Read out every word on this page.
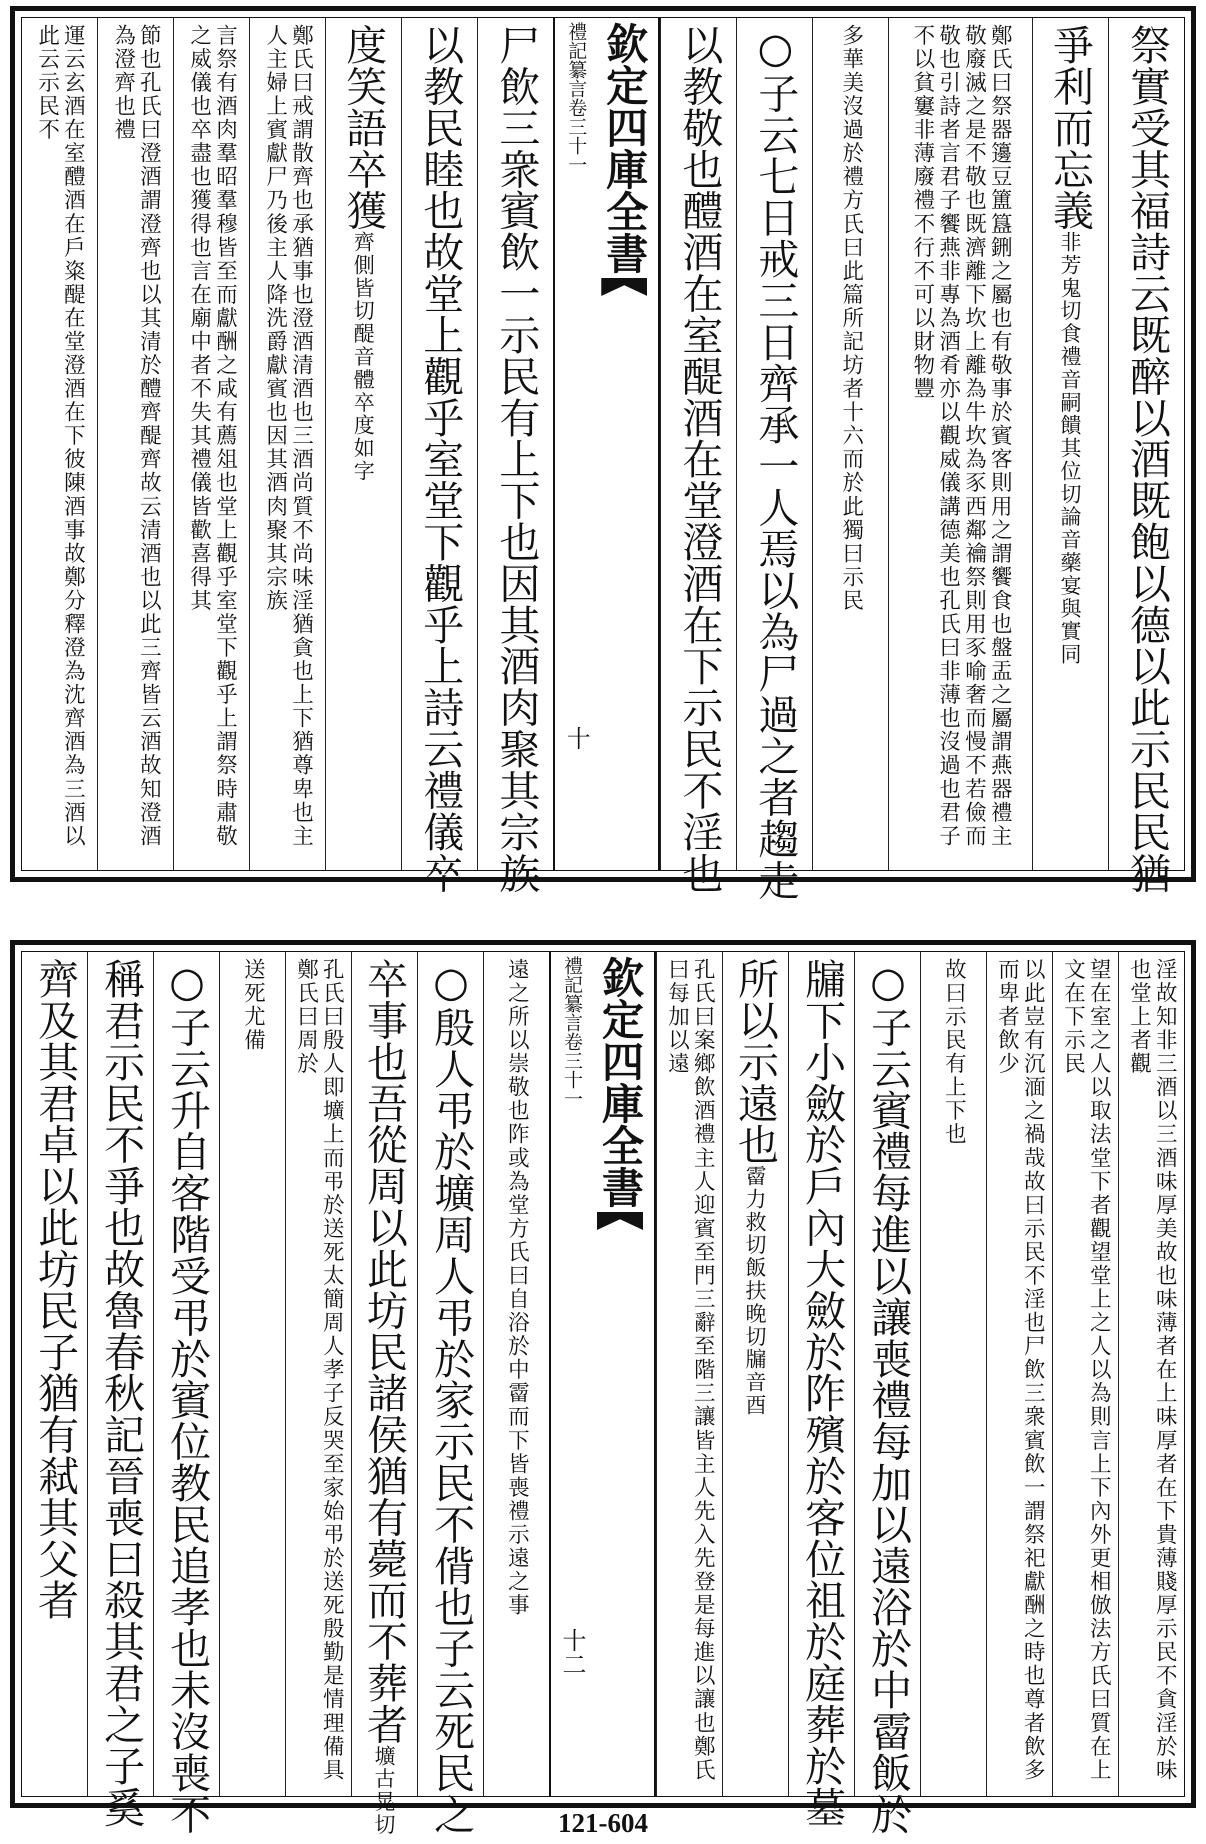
祭實受其福詩云既醉以酒既飽以德以此示民民猶
爭利而忘義非芳鬼切食禮音嗣饋其位切論音藥宴與實同
鄭氏曰祭器籩豆簠簋鉶之屬也有敬事於賓客則用之謂饗食也盤盂之屬謂燕器禮主敬廢滅之是不敬也既濟離下坎上離為牛坎為豕西鄰禴祭則用豕喻奢而慢不若儉而敬也引詩者言君子饗燕非專為酒肴亦以觀威儀講德美也孔氏曰非薄也沒過也君子不以貧窶非薄廢禮不行不可以財物豐
多華美沒過於禮方氏曰此篇所記坊者十六而於此獨曰示民
○子云七日戒三日齊承一人焉以為尸過之者趨走
以教敬也醴酒在室醍酒在堂澄酒在下示民不淫也
欽定四庫全書
禮記纂言
卷三十一
十
尸飲三衆賓飲一示民有上下也因其酒肉聚其宗族
以教民睦也故堂上觀乎室堂下觀乎上詩云禮儀卒
度笑語卒獲齊側皆切醍音體卒度如字
鄭氏曰戒謂散齊也承猶事也澄酒清酒也三酒尚質不尚味淫猶貪也上下猶尊卑也主人主婦上賓獻尸乃後主人降洗爵獻賓也因其酒肉聚其宗族
言祭有酒肉羣昭羣穆皆至而獻酬之咸有薦俎也堂上觀乎室堂下觀乎上謂祭時肅敬之威儀也卒盡也獲得也言在廟中者不失其禮儀皆歡喜得其
節也孔氏曰澄酒謂澄齊也以其清於醴齊醍齊故云清酒也以此三齊皆云酒故知澄酒為澄齊也禮
運云玄酒在室醴酒在戶粢醍在堂澄酒在下彼陳酒事故鄭分釋澄為沈齊酒為三酒以此云示民不
淫故知非三酒以三酒味厚美故也味薄者在上味厚者在下貴薄賤厚示民不貪淫於味也堂上者觀
望在室之人以取法堂下者觀望堂上之人以為則言上下內外更相倣法方氏曰質在上文在下示民
以此豈有沉湎之禍哉故曰示民不淫也尸飲三衆賓飲一謂祭祀獻酬之時也尊者飲多而卑者飲少
故曰示民有上下也
○子云賓禮每進以讓喪禮每加以遠浴於中霤飯於
牖下小斂於戶內大斂於阼殯於客位祖於庭葬於墓
所以示遠也霤力救切飯扶晚切牖音酉
孔氏曰案鄉飲酒禮主人迎賓至門三辭至階三讓皆主人先入先登是每進以讓也鄭氏曰每加以遠
欽定四庫全書
禮記纂言
卷三十一
十二
遠之所以崇敬也阼或為堂方氏曰自浴於中霤而下皆喪禮示遠之事
○殷人弔於壙周人弔於家示民不偝也子云死民之
卒事也吾從周以此坊民諸侯猶有薨而不葬者壙古晃切
孔氏曰殷人即壙上而弔於送死太簡周人孝子反哭至家始弔於送死殷勤是情理備具鄭氏曰周於
送死尤備
○子云升自客階受弔於賓位教民追孝也未沒喪不
稱君示民不爭也故魯春秋記晉喪曰殺其君之子奚
齊及其君卓以此坊民子猶有弒其父者
121-604
